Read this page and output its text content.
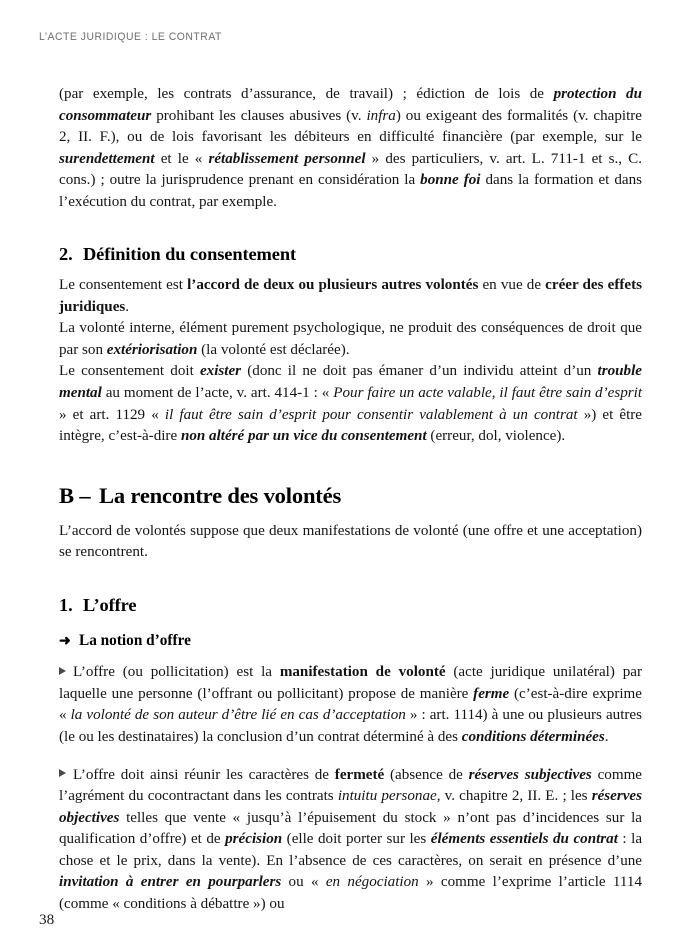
L’ACTE JURIDIQUE : LE CONTRAT

(par exemple, les contrats d’assurance, de travail) ; édiction de lois de protection du consommateur prohibant les clauses abusives (v. infra) ou exigeant des formalités (v. chapitre 2, II. F.), ou de lois favorisant les débiteurs en difficulté financière (par exemple, sur le surendettement et le « rétablissement personnel » des particuliers, v. art. L. 711-1 et s., C. cons.) ; outre la jurisprudence prenant en considération la bonne foi dans la formation et dans l’exécution du contrat, par exemple.

2. Définition du consentement

Le consentement est l’accord de deux ou plusieurs autres volontés en vue de créer des effets juridiques.

La volonté interne, élément purement psychologique, ne produit des conséquences de droit que par son extériorisation (la volonté est déclarée).

Le consentement doit exister (donc il ne doit pas émaner d’un individu atteint d’un trouble mental au moment de l’acte, v. art. 414-1 : « Pour faire un acte valable, il faut être sain d’esprit » et art. 1129 « il faut être sain d’esprit pour consentir valablement à un contrat ») et être intègre, c’est-à-dire non altéré par un vice du consentement (erreur, dol, violence).

B – La rencontre des volontés

L’accord de volontés suppose que deux manifestations de volonté (une offre et une acceptation) se rencontrent.

1. L’offre
➜ La notion d’offre

L’offre (ou pollicitation) est la manifestation de volonté (acte juridique unilatéral) par laquelle une personne (l’offrant ou pollicitant) propose de manière ferme (c’est-à-dire exprime « la volonté de son auteur d’être lié en cas d’acceptation » : art. 1114) à une ou plusieurs autres (le ou les destinataires) la conclusion d’un contrat déterminé à des conditions déterminées.

L’offre doit ainsi réunir les caractères de fermeté (absence de réserves subjectives comme l’agrément du cocontractant dans les contrats intuitu personae, v. chapitre 2, II. E. ; les réserves objectives telles que vente « jusqu’à l’épuisement du stock » n’ont pas d’incidences sur la qualification d’offre) et de précision (elle doit porter sur les éléments essentiels du contrat : la chose et le prix, dans la vente). En l’absence de ces caractères, on serait en présence d’une invitation à entrer en pourparlers ou « en négociation » comme l’exprime l’article 1114 (comme « conditions à débattre ») ou

38
